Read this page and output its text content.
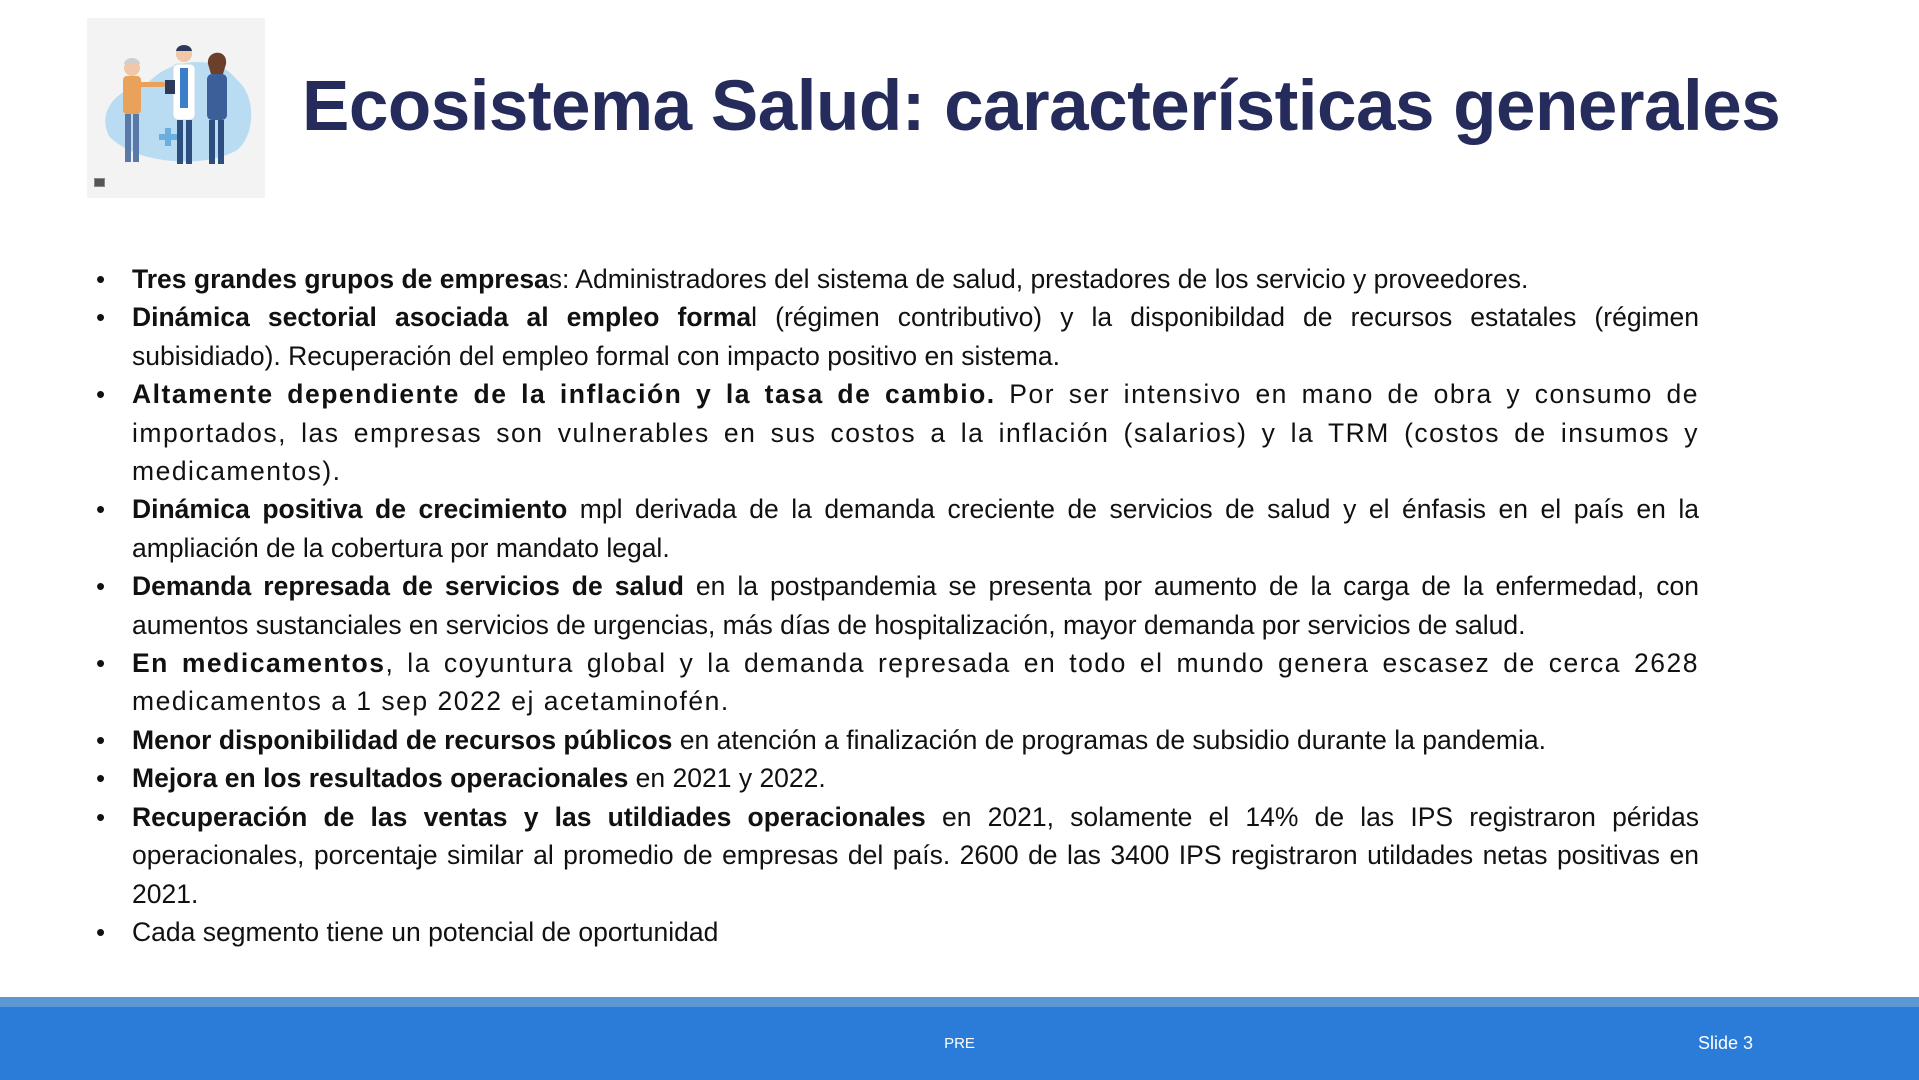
Ecosistema Salud: características generales
• Tres grandes grupos de empresas: Administradores del sistema de salud, prestadores de los servicio y proveedores.
• Dinámica sectorial asociada al empleo formal (régimen contributivo) y la disponibildad de recursos estatales (régimen subisidiado). Recuperación del empleo formal con impacto positivo en sistema.
• Altamente dependiente de la inflación y la tasa de cambio. Por ser intensivo en mano de obra y consumo de importados, las empresas son vulnerables en sus costos a la inflación (salarios) y la TRM (costos de insumos y medicamentos).
• Dinámica positiva de crecimiento mpl derivada de la demanda creciente de servicios de salud y el énfasis en el país en la ampliación de la cobertura por mandato legal.
• Demanda represada de servicios de salud en la postpandemia se presenta por aumento de la carga de la enfermedad, con aumentos sustanciales en servicios de urgencias, más días de hospitalización, mayor demanda por servicios de salud.
• En medicamentos, la coyuntura global y la demanda represada en todo el mundo genera escasez de cerca 2628 medicamentos a 1 sep 2022 ej acetaminofén.
• Menor disponibilidad de recursos públicos en atención a finalización de programas de subsidio durante la pandemia.
• Mejora en los resultados operacionales en 2021 y 2022.
• Recuperación de las ventas y las utildiades operacionales en 2021, solamente el 14% de las IPS registraron péridas operacionales, porcentaje similar al promedio de empresas del país. 2600 de las 3400 IPS registraron utildades netas positivas en 2021.
• Cada segmento tiene un potencial de oportunidad
PRE	Slide 3
